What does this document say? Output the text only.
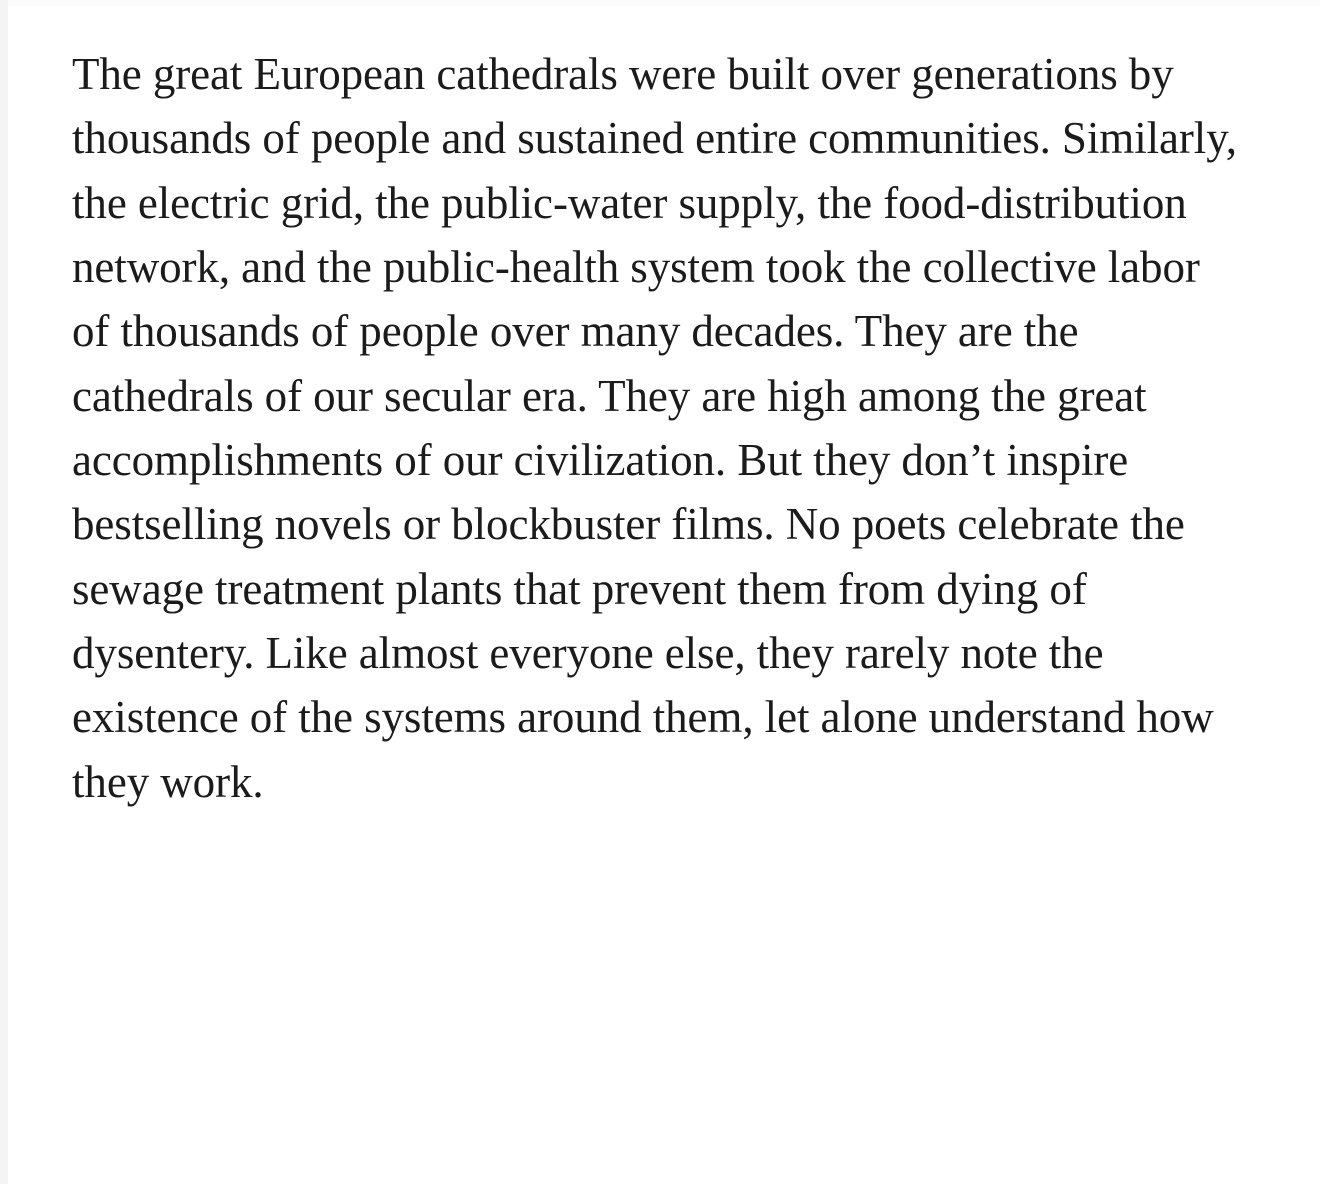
The great European cathedrals were built over generations by thousands of people and sustained entire communities. Similarly, the electric grid, the public-water supply, the food-distribution network, and the public-health system took the collective labor of thousands of people over many decades. They are the cathedrals of our secular era. They are high among the great accomplishments of our civilization. But they don’t inspire bestselling novels or blockbuster films. No poets celebrate the sewage treatment plants that prevent them from dying of dysentery. Like almost everyone else, they rarely note the existence of the systems around them, let alone understand how they work.
